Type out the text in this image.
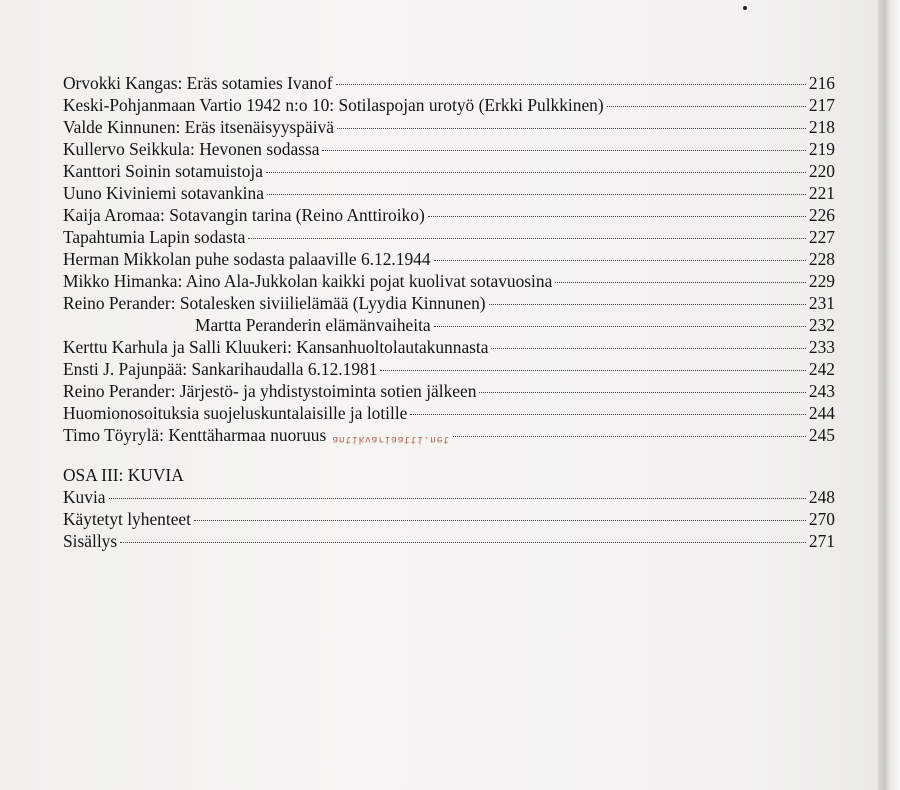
Orvokki Kangas: Eräs sotamies Ivanof	216
Keski-Pohjanmaan Vartio 1942 n:o 10: Sotilaspojan urotyö (Erkki Pulkkinen)	217
Valde Kinnunen: Eräs itsenäisyyspäivä	218
Kullervo Seikkula: Hevonen sodassa	219
Kanttori Soinin sotamuistoja	220
Uuno Kiviniemi sotavankina	221
Kaija Aromaa: Sotavangin tarina (Reino Anttiroiko)	226
Tapahtumia Lapin sodasta	227
Herman Mikkolan puhe sodasta palaaville 6.12.1944	228
Mikko Himanka: Aino Ala-Jukkolan kaikki pojat kuolivat sotavuosina	229
Reino Perander: Sotalesken siviilielämää (Lyydia Kinnunen)	231
Martta Peranderin elämänvaiheita	232
Kerttu Karhula ja Salli Kluukeri: Kansanhuoltolautakunnasta	233
Ensti J. Pajunpää: Sankarihaudalla 6.12.1981	242
Reino Perander: Järjestö- ja yhdistystoiminta sotien jälkeen	243
Huomionosoituksia suojeluskuntalaisille ja lotille	244
Timo Töyrylä: Kenttäharmaa nuoruus antikvariaatti.net	245
OSA III: KUVIA
Kuvia	248
Käytetyt lyhenteet	270
Sisällys	271
